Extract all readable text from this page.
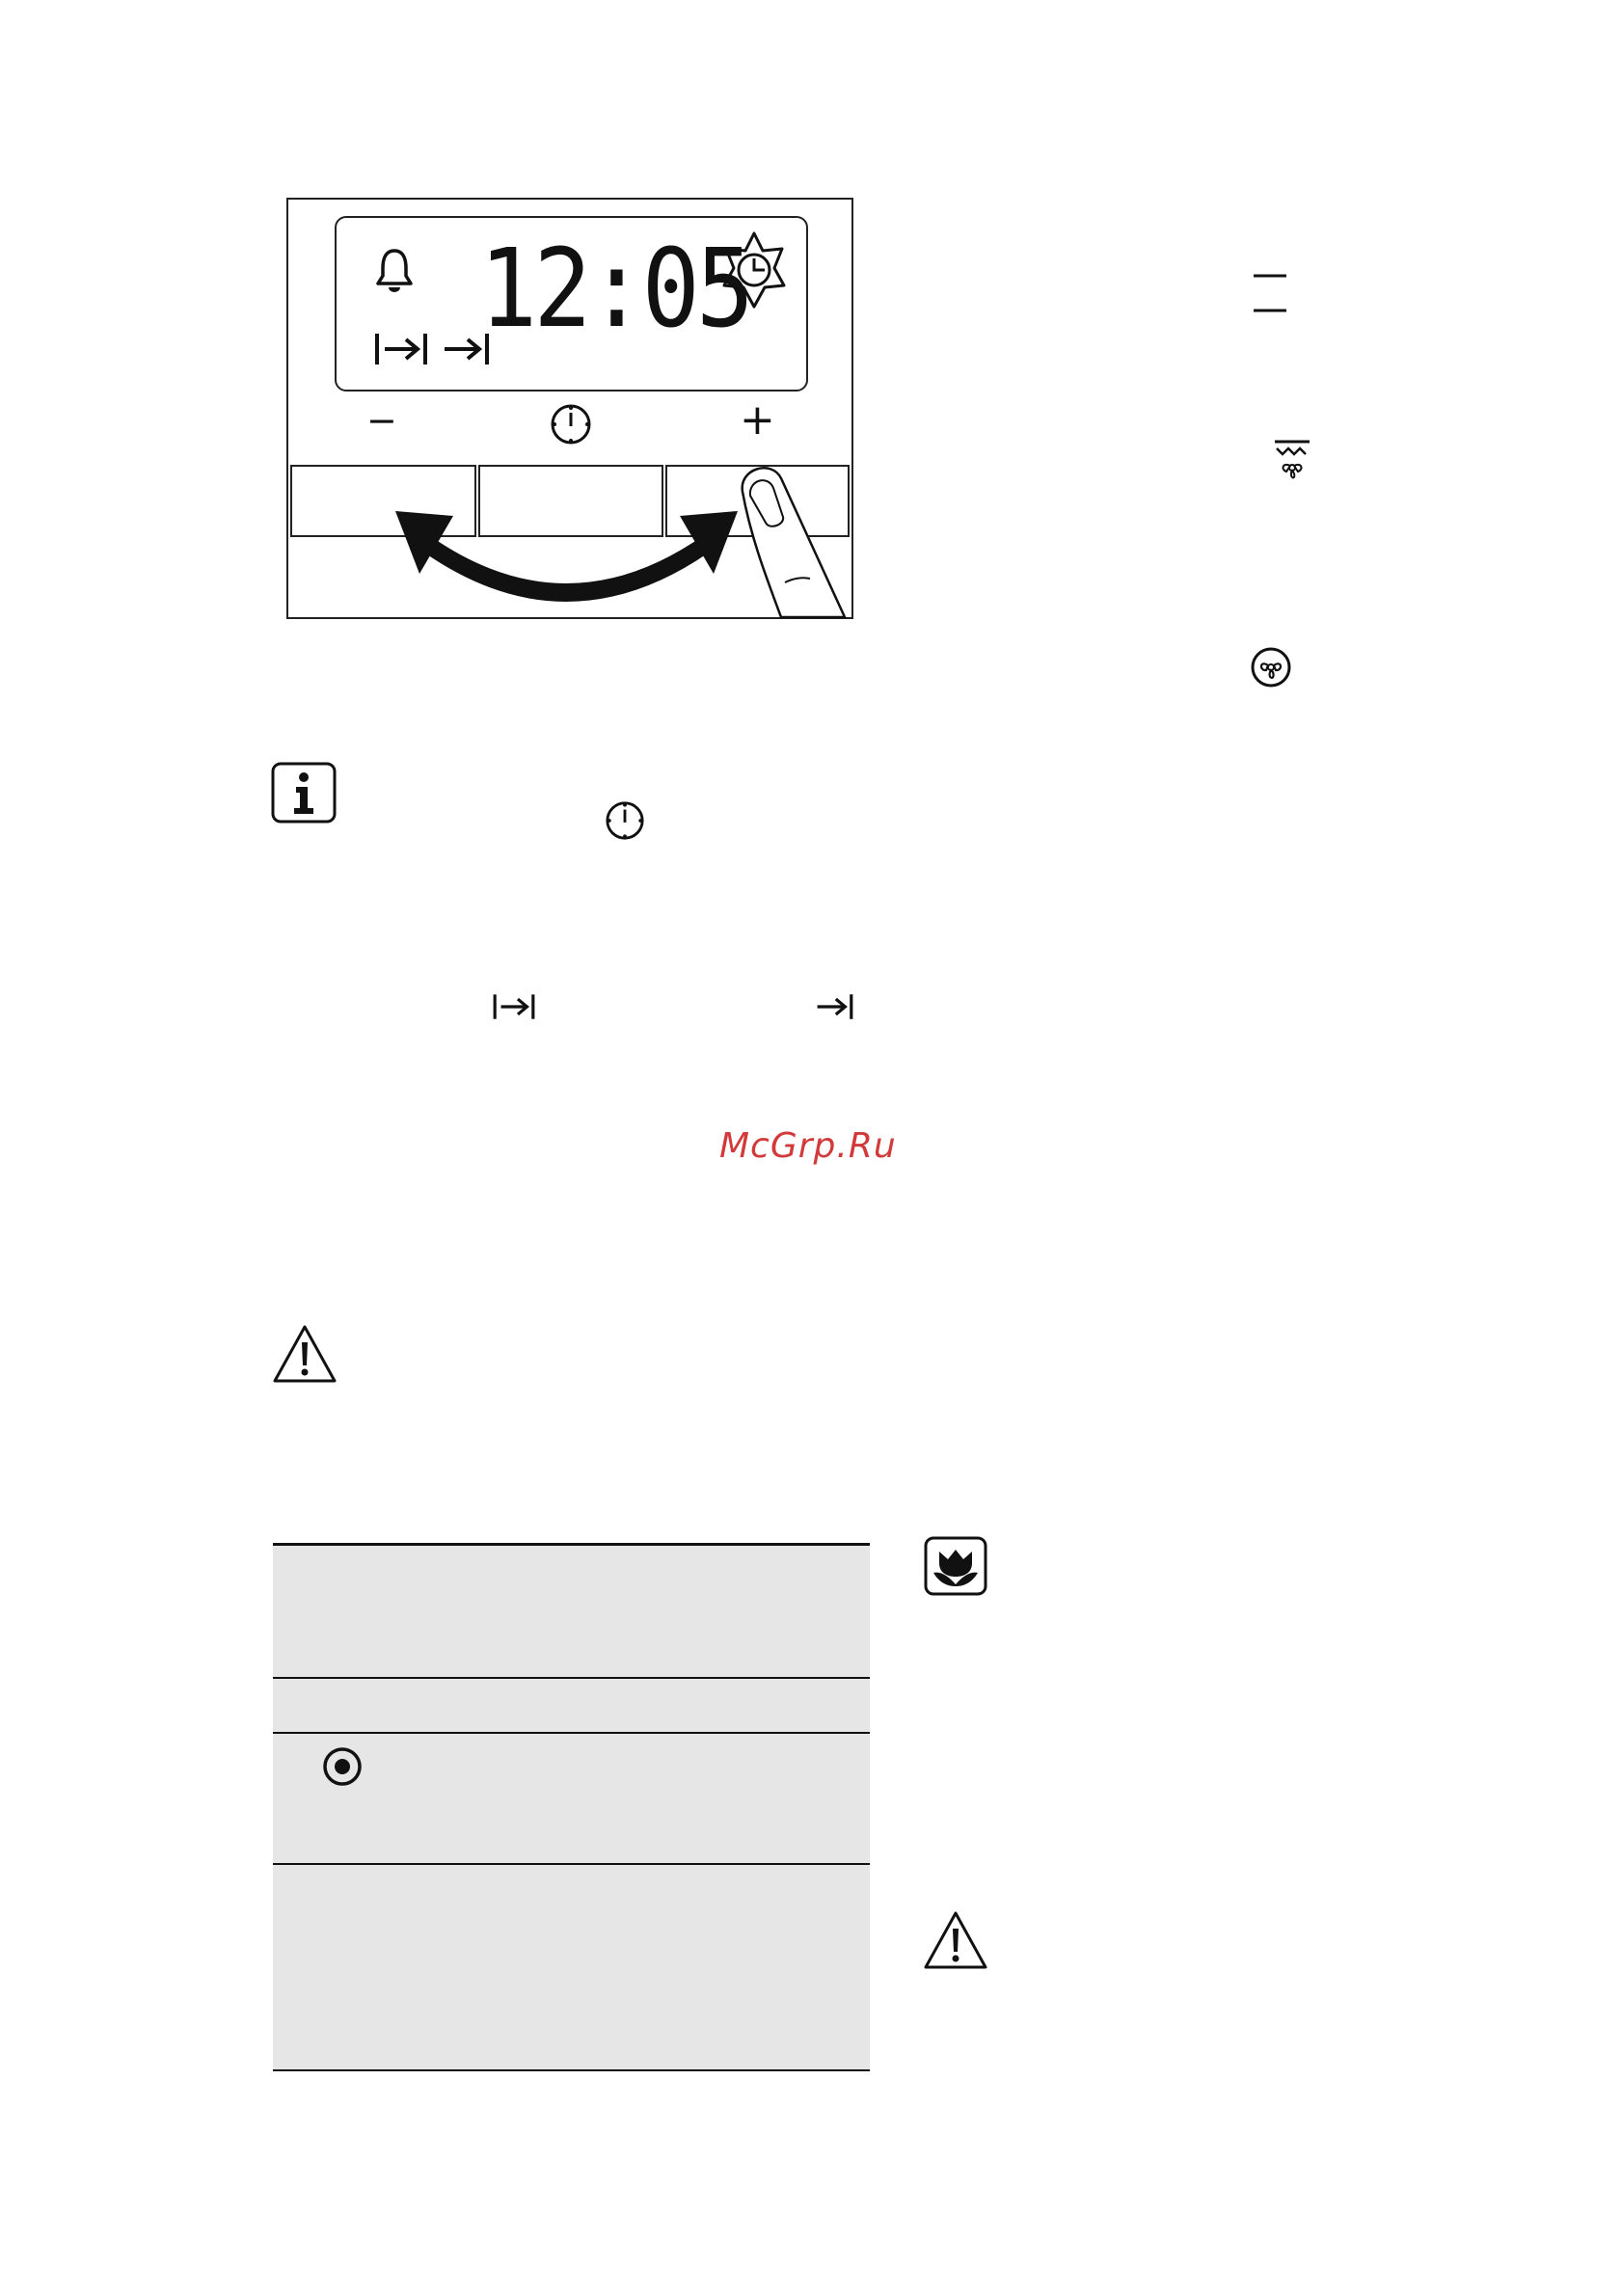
12:05
−	+
McGrp.Ru
